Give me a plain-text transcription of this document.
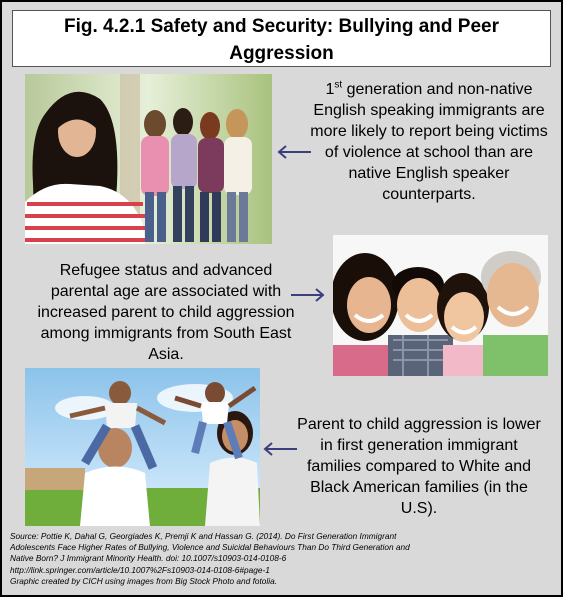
Fig. 4.2.1 Safety and Security: Bullying and Peer
Aggression
1st generation and non-native
English speaking immigrants are
more likely to report being victims
of violence at school than are
native English speaker
counterparts.
Refugee status and advanced
parental age are associated with
increased parent to child aggression
among immigrants from South East
Asia.
Parent to child aggression is lower
in first generation immigrant
families compared to White and
Black American families (in the
U.S).
Source: Pottie K, Dahal G, Georgiades K, Premji K and Hassan G. (2014). Do First Generation Immigrant
Adolescents Face Higher Rates of Bullying, Violence and Suicidal Behaviours Than Do Third Generation and
Native Born? J Immigrant Minority Health. doi: 10.1007/s10903-014-0108-6
http://link.springer.com/article/10.1007%2Fs10903-014-0108-6#page-1
Graphic created by CICH using images from Big Stock Photo and fotolia.
